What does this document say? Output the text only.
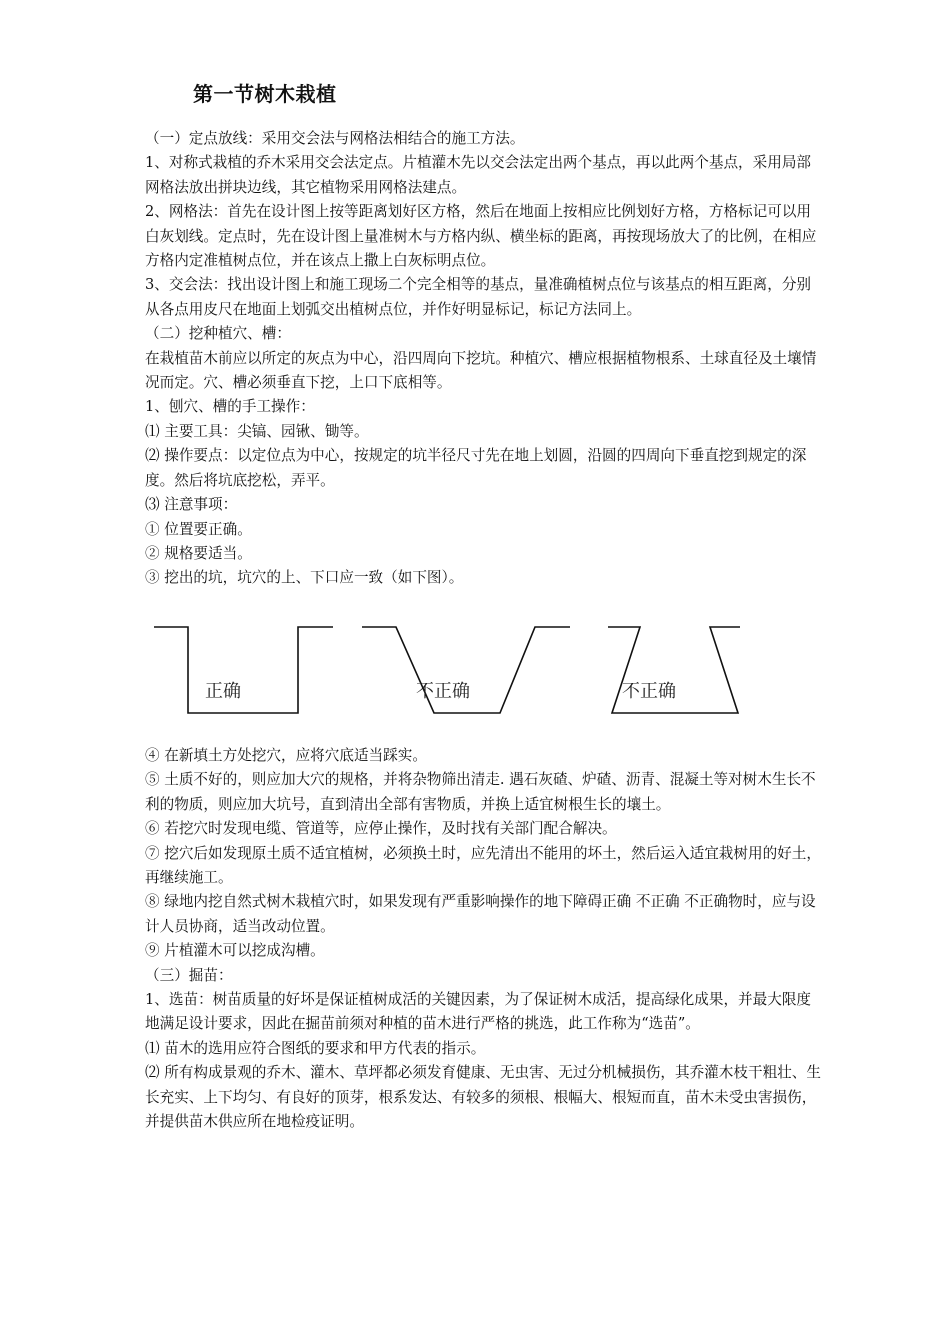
第一节树木栽植

（一）定点放线：采用交会法与网格法相结合的施工方法。

1、对称式栽植的乔木采用交会法定点。片植灌木先以交会法定出两个基点，再以此两个基点，采用局部网格法放出拼块边线，其它植物采用网格法建点。

2、网格法：首先在设计图上按等距离划好区方格，然后在地面上按相应比例划好方格，方格标记可以用白灰划线。定点时，先在设计图上量准树木与方格内纵、横坐标的距离，再按现场放大了的比例，在相应方格内定准植树点位，并在该点上撒上白灰标明点位。

3、交会法：找出设计图上和施工现场二个完全相等的基点，量准确植树点位与该基点的相互距离，分别从各点用皮尺在地面上划弧交出植树点位，并作好明显标记，标记方法同上。

（二）挖种植穴、槽：

在栽植苗木前应以所定的灰点为中心，沿四周向下挖坑。种植穴、槽应根据植物根系、土球直径及土壤情况而定。穴、槽必须垂直下挖，上口下底相等。

1、刨穴、槽的手工操作：

⑴ 主要工具：尖镐、园锹、锄等。

⑵ 操作要点：以定位点为中心，按规定的坑半径尺寸先在地上划圆，沿圆的四周向下垂直挖到规定的深度。然后将坑底挖松，弄平。

⑶ 注意事项：

① 位置要正确。

② 规格要适当。

③ 挖出的坑，坑穴的上、下口应一致（如下图）。

正确	不正确	不正确

④ 在新填土方处挖穴，应将穴底适当踩实。

⑤ 土质不好的，则应加大穴的规格，并将杂物筛出清走. 遇石灰碴、炉碴、沥青、混凝土等对树木生长不利的物质，则应加大坑号，直到清出全部有害物质，并换上适宜树根生长的壤土。

⑥ 若挖穴时发现电缆、管道等，应停止操作，及时找有关部门配合解决。

⑦ 挖穴后如发现原土质不适宜植树，必须换土时，应先清出不能用的坏土，然后运入适宜栽树用的好土，再继续施工。

⑧ 绿地内挖自然式树木栽植穴时，如果发现有严重影响操作的地下障碍正确 不正确 不正确物时，应与设计人员协商，适当改动位置。

⑨ 片植灌木可以挖成沟槽。

（三）掘苗：

1、选苗：树苗质量的好坏是保证植树成活的关键因素，为了保证树木成活，提高绿化成果，并最大限度地满足设计要求，因此在掘苗前须对种植的苗木进行严格的挑选，此工作称为“选苗”。

⑴ 苗木的选用应符合图纸的要求和甲方代表的指示。

⑵ 所有构成景观的乔木、灌木、草坪都必须发育健康、无虫害、无过分机械损伤，其乔灌木枝干粗壮、生长充实、上下均匀、有良好的顶芽，根系发达、有较多的须根、根幅大、根短而直，苗木未受虫害损伤，并提供苗木供应所在地检疫证明。
